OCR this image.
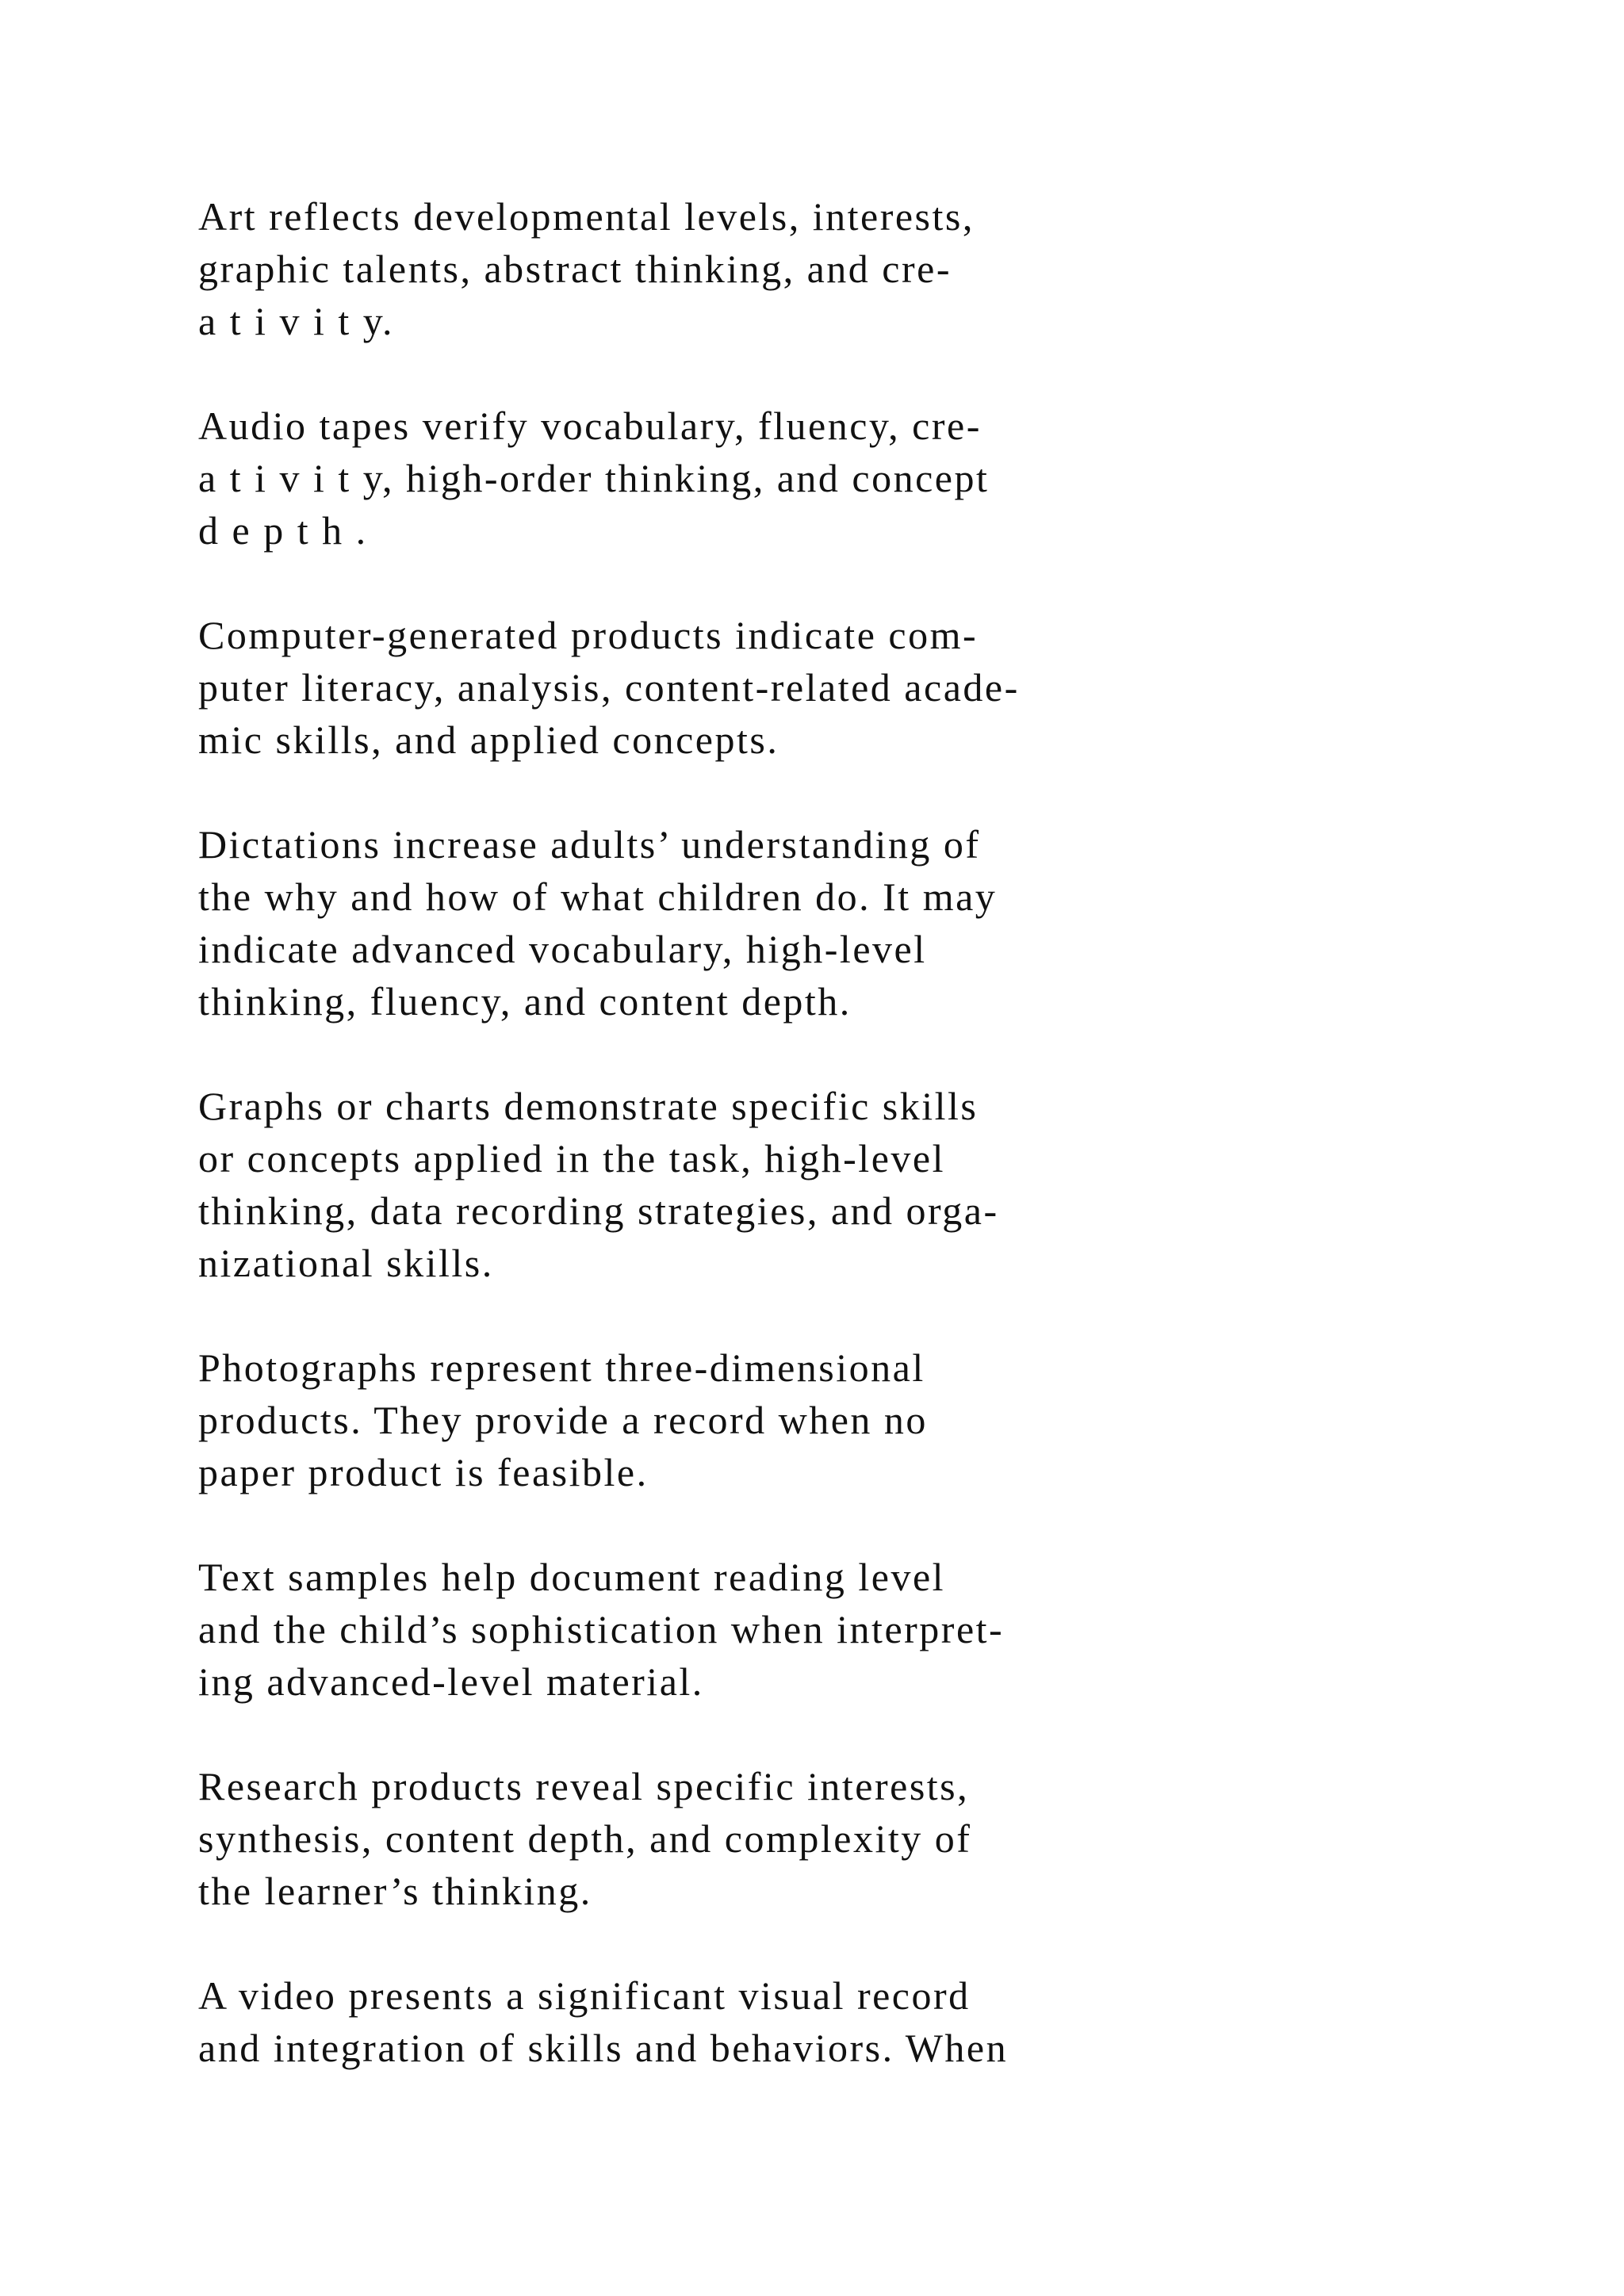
Art reflects developmental levels, interests,
graphic talents, abstract thinking, and cre-
a t i v i t y.

Audio tapes verify vocabulary, fluency, cre-
a t i v i t y, high-order thinking, and concept
d e p t h .

Computer-generated products indicate com-
puter literacy, analysis, content-related acade-
mic skills, and applied concepts.

Dictations increase adults’ understanding of
the why and how of what children do. It may
indicate advanced vocabulary, high-level
thinking, fluency, and content depth.

Graphs or charts demonstrate specific skills
or concepts applied in the task, high-level
thinking, data recording strategies, and orga-
nizational skills.

Photographs represent three-dimensional
products. They provide a record when no
paper product is feasible.

Text samples help document reading level
and the child’s sophistication when interpret-
ing advanced-level material.

Research products reveal specific interests,
synthesis, content depth, and complexity of
the learner’s thinking.

A video presents a significant visual record
and integration of skills and behaviors. When
